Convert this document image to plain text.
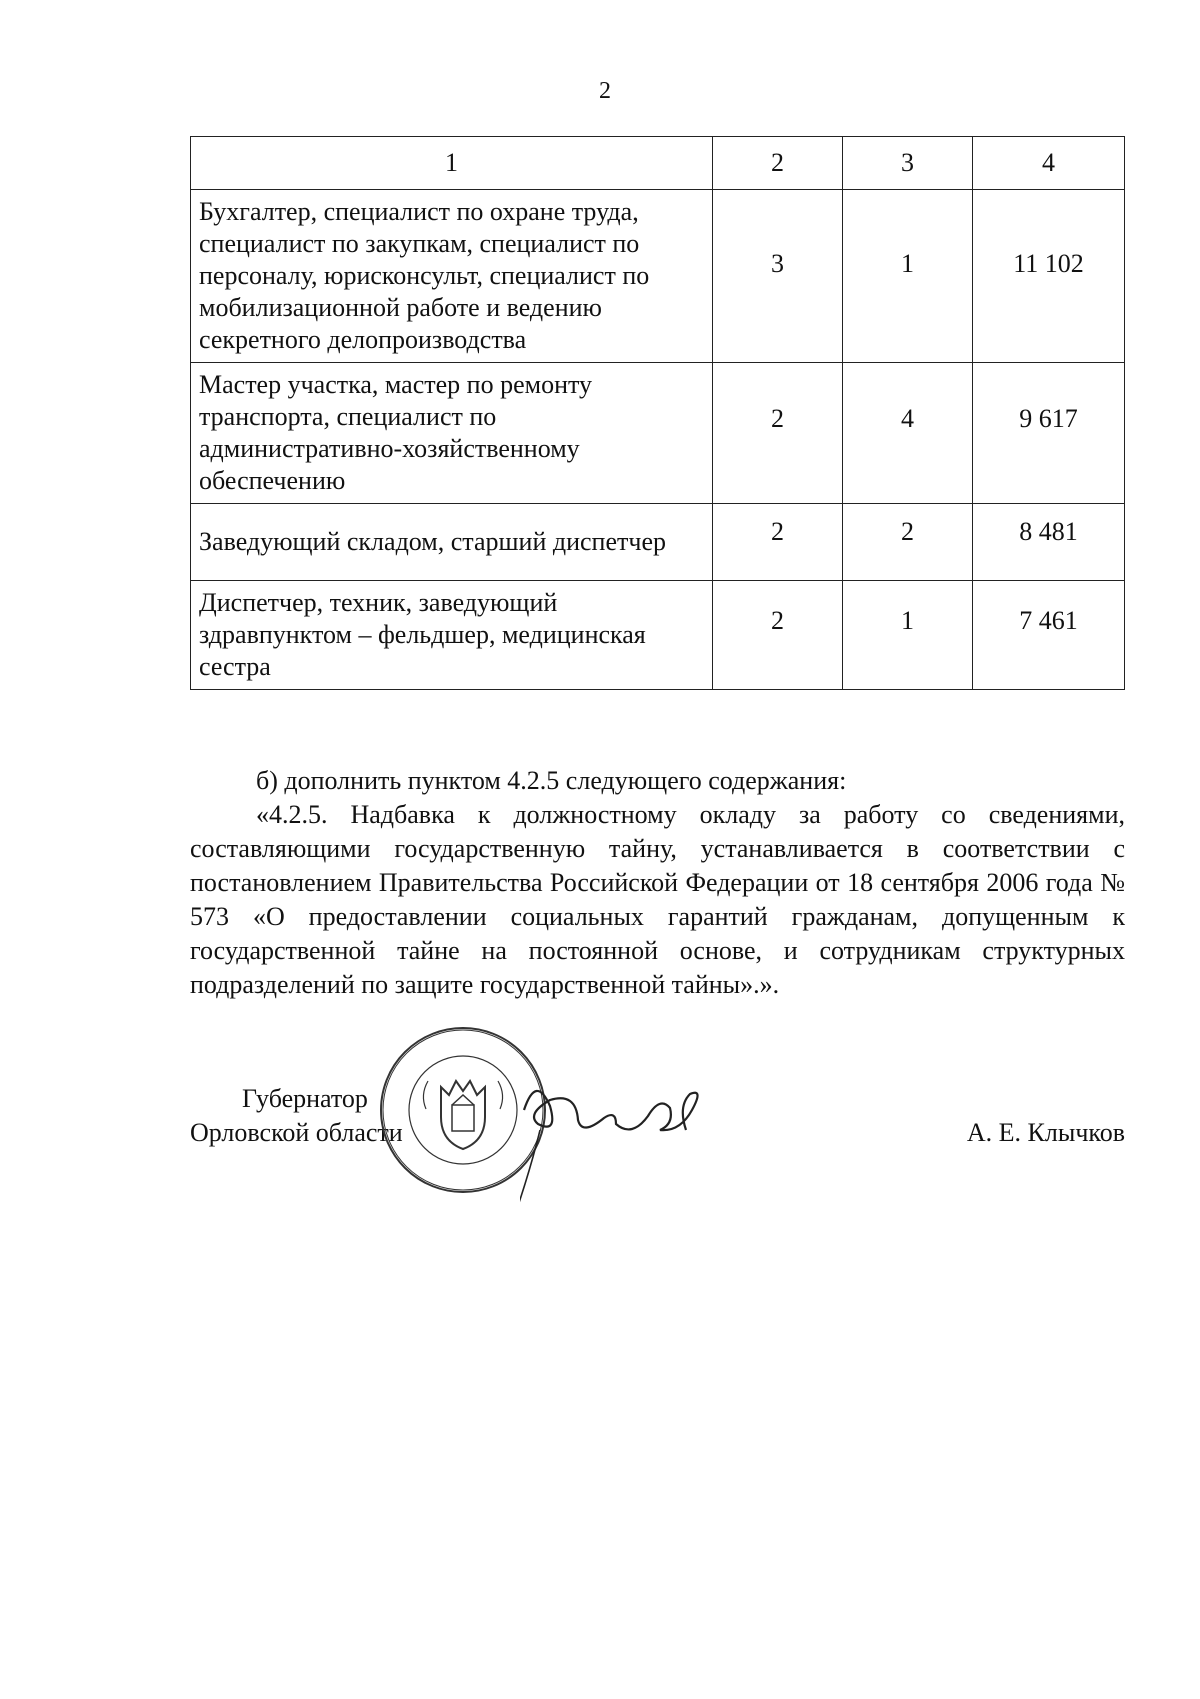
2
1	2	3	4
Бухгалтер, специалист по охране труда, специалист по закупкам, специалист по персоналу, юрисконсульт, специалист по мобилизационной работе и ведению секретного делопроизводства	3	1	11 102
Мастер участка, мастер по ремонту транспорта, специалист по административно-хозяйственному обеспечению	2	4	9 617
Заведующий складом, старший диспетчер	2	2	8 481
Диспетчер, техник, заведующий здравпунктом – фельдшер, медицинская сестра	2	1	7 461

б) дополнить пунктом 4.2.5 следующего содержания:

«4.2.5. Надбавка к должностному окладу за работу со сведениями, составляющими государственную тайну, устанавливается в соответствии с постановлением Правительства Российской Федерации от 18 сентября 2006 года № 573 «О предоставлении социальных гарантий гражданам, допущенным к государственной тайне на постоянной основе, и сотрудникам структурных подразделений по защите государственной тайны».».

Губернатор
Орловской области	А. Е. Клычков
